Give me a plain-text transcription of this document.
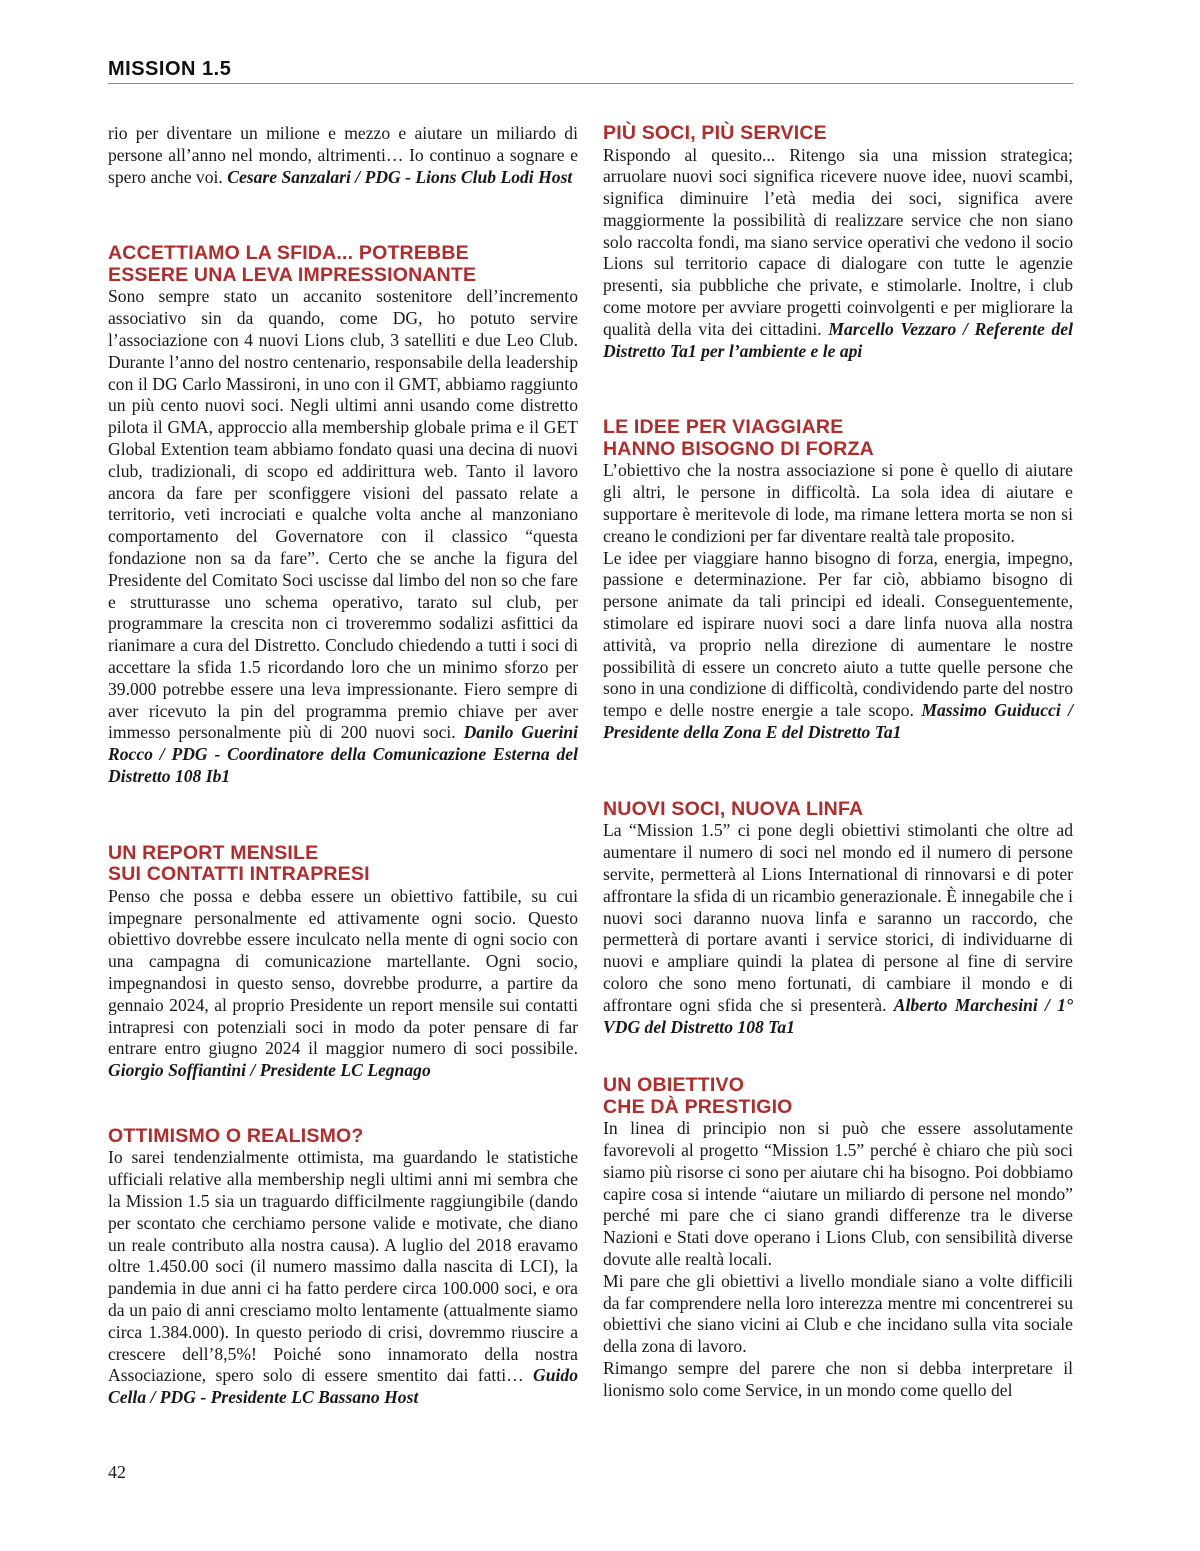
MISSION 1.5

rio per diventare un milione e mezzo e aiutare un miliardo di persone all’anno nel mondo, altrimenti… Io continuo a sognare e spero anche voi. Cesare Sanzalari / PDG - Lions Club Lodi Host

ACCETTIAMO LA SFIDA... POTREBBE
ESSERE UNA LEVA IMPRESSIONANTE

Sono sempre stato un accanito sostenitore dell’incremento associativo sin da quando, come DG, ho potuto servire l’associazione con 4 nuovi Lions club, 3 satelliti e due Leo Club. Durante l’anno del nostro centenario, responsabile della leadership con il DG Carlo Massironi, in uno con il GMT, abbiamo raggiunto un più cento nuovi soci. Negli ultimi anni usando come distretto pilota il GMA, approccio alla membership globale prima e il GET Global Extention team abbiamo fondato quasi una decina di nuovi club, tradizionali, di scopo ed addirittura web. Tanto il lavoro ancora da fare per sconfiggere visioni del passato relate a territorio, veti incrociati e qualche volta anche al manzoniano comportamento del Governatore con il classico “questa fondazione non sa da fare”. Certo che se anche la figura del Presidente del Comitato Soci uscisse dal limbo del non so che fare e strutturasse uno schema operativo, tarato sul club, per programmare la crescita non ci troveremmo sodalizi asfittici da rianimare a cura del Distretto. Concludo chiedendo a tutti i soci di accettare la sfida 1.5 ricordando loro che un minimo sforzo per 39.000 potrebbe essere una leva impressionante. Fiero sempre di aver ricevuto la pin del programma premio chiave per aver immesso personalmente più di 200 nuovi soci. Danilo Guerini Rocco / PDG - Coordinatore della Comunicazione Esterna del Distretto 108 Ib1

UN REPORT MENSILE
SUI CONTATTI INTRAPRESI

Penso che possa e debba essere un obiettivo fattibile, su cui impegnare personalmente ed attivamente ogni socio. Questo obiettivo dovrebbe essere inculcato nella mente di ogni socio con una campagna di comunicazione martellante. Ogni socio, impegnandosi in questo senso, dovrebbe produrre, a partire da gennaio 2024, al proprio Presidente un report mensile sui contatti intrapresi con potenziali soci in modo da poter pensare di far entrare entro giugno 2024 il maggior numero di soci possibile. Giorgio Soffiantini / Presidente LC Legnago

OTTIMISMO O REALISMO?

Io sarei tendenzialmente ottimista, ma guardando le statistiche ufficiali relative alla membership negli ultimi anni mi sembra che la Mission 1.5 sia un traguardo difficilmente raggiungibile (dando per scontato che cerchiamo persone valide e motivate, che diano un reale contributo alla nostra causa). A luglio del 2018 eravamo oltre 1.450.00 soci (il numero massimo dalla nascita di LCI), la pandemia in due anni ci ha fatto perdere circa 100.000 soci, e ora da un paio di anni cresciamo molto lentamente (attualmente siamo circa 1.384.000). In questo periodo di crisi, dovremmo riuscire a crescere dell’8,5%! Poiché sono innamorato della nostra Associazione, spero solo di essere smentito dai fatti… Guido Cella / PDG - Presidente LC Bassano Host

PIÙ SOCI, PIÙ SERVICE

Rispondo al quesito... Ritengo sia una mission strategica; arruolare nuovi soci significa ricevere nuove idee, nuovi scambi, significa diminuire l’età media dei soci, significa avere maggiormente la possibilità di realizzare service che non siano solo raccolta fondi, ma siano service operativi che vedono il socio Lions sul territorio capace di dialogare con tutte le agenzie presenti, sia pubbliche che private, e stimolarle. Inoltre, i club come motore per avviare progetti coinvolgenti e per migliorare la qualità della vita dei cittadini. Marcello Vezzaro / Referente del Distretto Ta1 per l’ambiente e le api

LE IDEE PER VIAGGIARE
HANNO BISOGNO DI FORZA

L’obiettivo che la nostra associazione si pone è quello di aiutare gli altri, le persone in difficoltà. La sola idea di aiutare e supportare è meritevole di lode, ma rimane lettera morta se non si creano le condizioni per far diventare realtà tale proposito.

Le idee per viaggiare hanno bisogno di forza, energia, impegno, passione e determinazione. Per far ciò, abbiamo bisogno di persone animate da tali principi ed ideali. Conseguentemente, stimolare ed ispirare nuovi soci a dare linfa nuova alla nostra attività, va proprio nella direzione di aumentare le nostre possibilità di essere un concreto aiuto a tutte quelle persone che sono in una condizione di difficoltà, condividendo parte del nostro tempo e delle nostre energie a tale scopo. Massimo Guiducci / Presidente della Zona E del Distretto Ta1

NUOVI SOCI, NUOVA LINFA

La “Mission 1.5” ci pone degli obiettivi stimolanti che oltre ad aumentare il numero di soci nel mondo ed il numero di persone servite, permetterà al Lions International di rinnovarsi e di poter affrontare la sfida di un ricambio generazionale. È innegabile che i nuovi soci daranno nuova linfa e saranno un raccordo, che permetterà di portare avanti i service storici, di individuarne di nuovi e ampliare quindi la platea di persone al fine di servire coloro che sono meno fortunati, di cambiare il mondo e di affrontare ogni sfida che si presenterà. Alberto Marchesini / 1° VDG del Distretto 108 Ta1

UN OBIETTIVO
CHE DÀ PRESTIGIO

In linea di principio non si può che essere assolutamente favorevoli al progetto “Mission 1.5” perché è chiaro che più soci siamo più risorse ci sono per aiutare chi ha bisogno. Poi dobbiamo capire cosa si intende “aiutare un miliardo di persone nel mondo” perché mi pare che ci siano grandi differenze tra le diverse Nazioni e Stati dove operano i Lions Club, con sensibilità diverse dovute alle realtà locali.

Mi pare che gli obiettivi a livello mondiale siano a volte difficili da far comprendere nella loro interezza mentre mi concentrerei su obiettivi che siano vicini ai Club e che incidano sulla vita sociale della zona di lavoro.

Rimango sempre del parere che non si debba interpretare il lionismo solo come Service, in un mondo come quello del

42
